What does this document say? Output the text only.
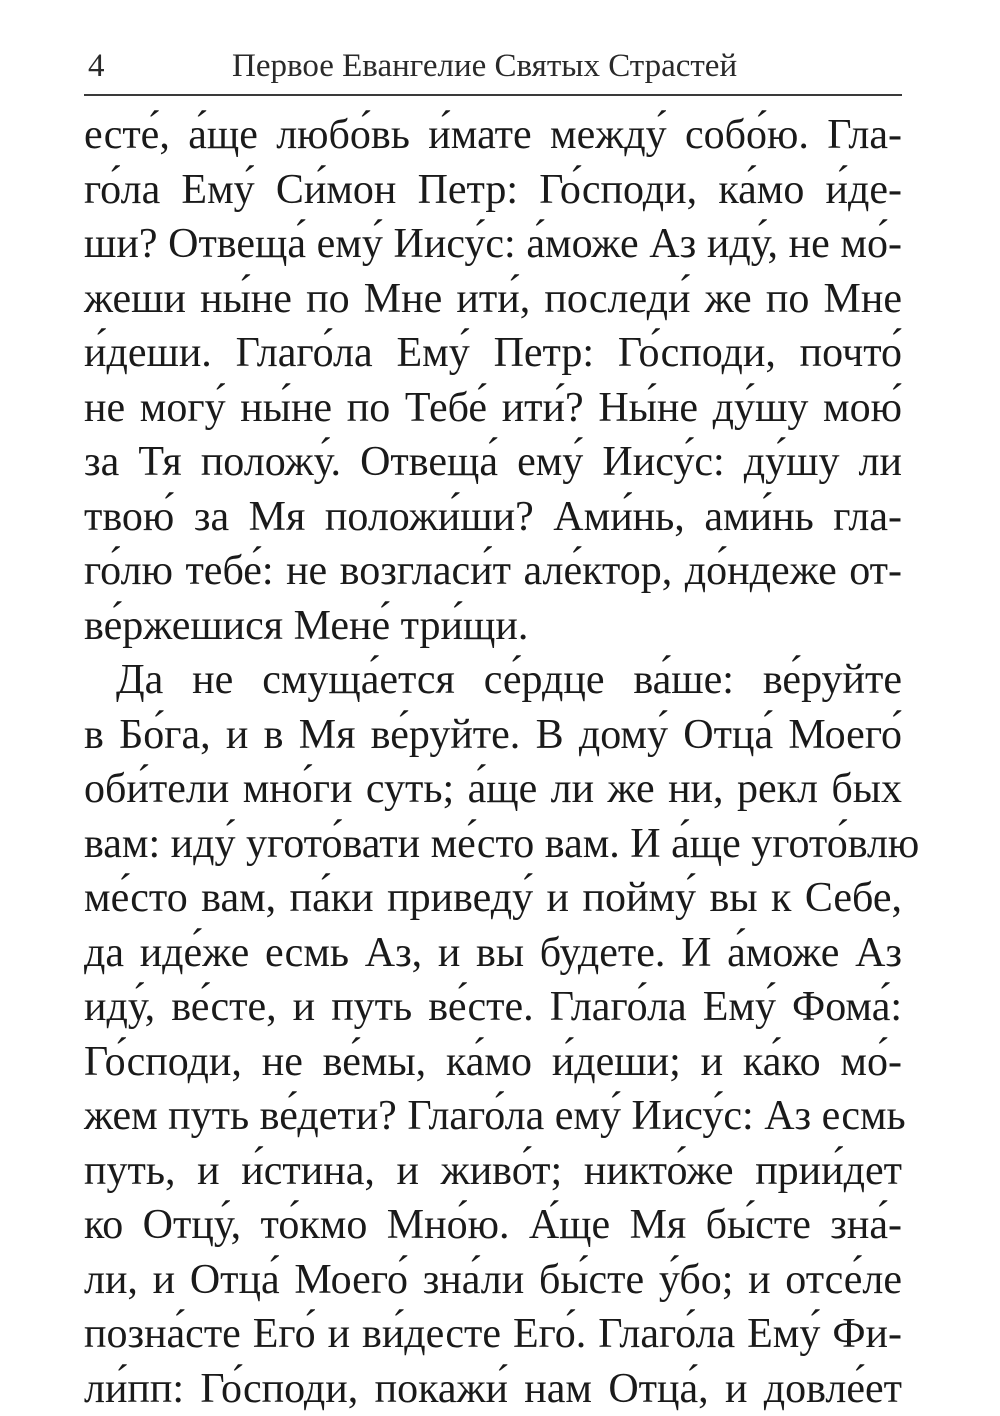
4	Первое Евангелие Святых Страстей
есте́, а́ще любо́вь и́мате между́ собо́ю. Гла-
го́ла Ему́ Си́мон Петр: Го́споди, ка́мо и́де-
ши? Отвеща́ ему́ Иису́с: а́може Аз иду́, не мо́-
жеши ны́не по Мне ити́, последи́ же по Мне
и́деши. Глаго́ла Ему́ Петр: Го́споди, почто́
не могу́ ны́не по Тебе́ ити́? Ны́не ду́шу мою́
за Тя положу́. Отвеща́ ему́ Иису́с: ду́шу ли
твою́ за Мя положи́ши? Ами́нь, ами́нь гла-
го́лю тебе́: не возгласи́т але́ктор, до́ндеже от-
ве́ржешися Мене́ три́щи.
Да не смуща́ется се́рдце ва́ше: ве́руйте
в Бо́га, и в Мя ве́руйте. В дому́ Отца́ Моего́
оби́тели мно́ги суть; а́ще ли же ни, рекл бых
вам: иду́ угото́вати ме́сто вам. И а́ще угото́влю
ме́сто вам, па́ки приведу́ и пойму́ вы к Себе,
да иде́же есмь Аз, и вы будете. И а́може Аз
иду́, ве́сте, и путь ве́сте. Глаго́ла Ему́ Фома́:
Го́споди, не ве́мы, ка́мо и́деши; и ка́ко мо́-
жем путь ве́дети? Глаго́ла ему́ Иису́с: Аз есмь
путь, и и́стина, и живо́т; никто́же прии́дет
ко Отцу́, то́кмо Мно́ю. А́ще Мя бы́сте зна́-
ли, и Отца́ Моего́ зна́ли бы́сте у́бо; и отсе́ле
позна́сте Его́ и ви́десте Его́. Глаго́ла Ему́ Фи-
ли́пп: Го́споди, покажи́ нам Отца́, и довле́ет
